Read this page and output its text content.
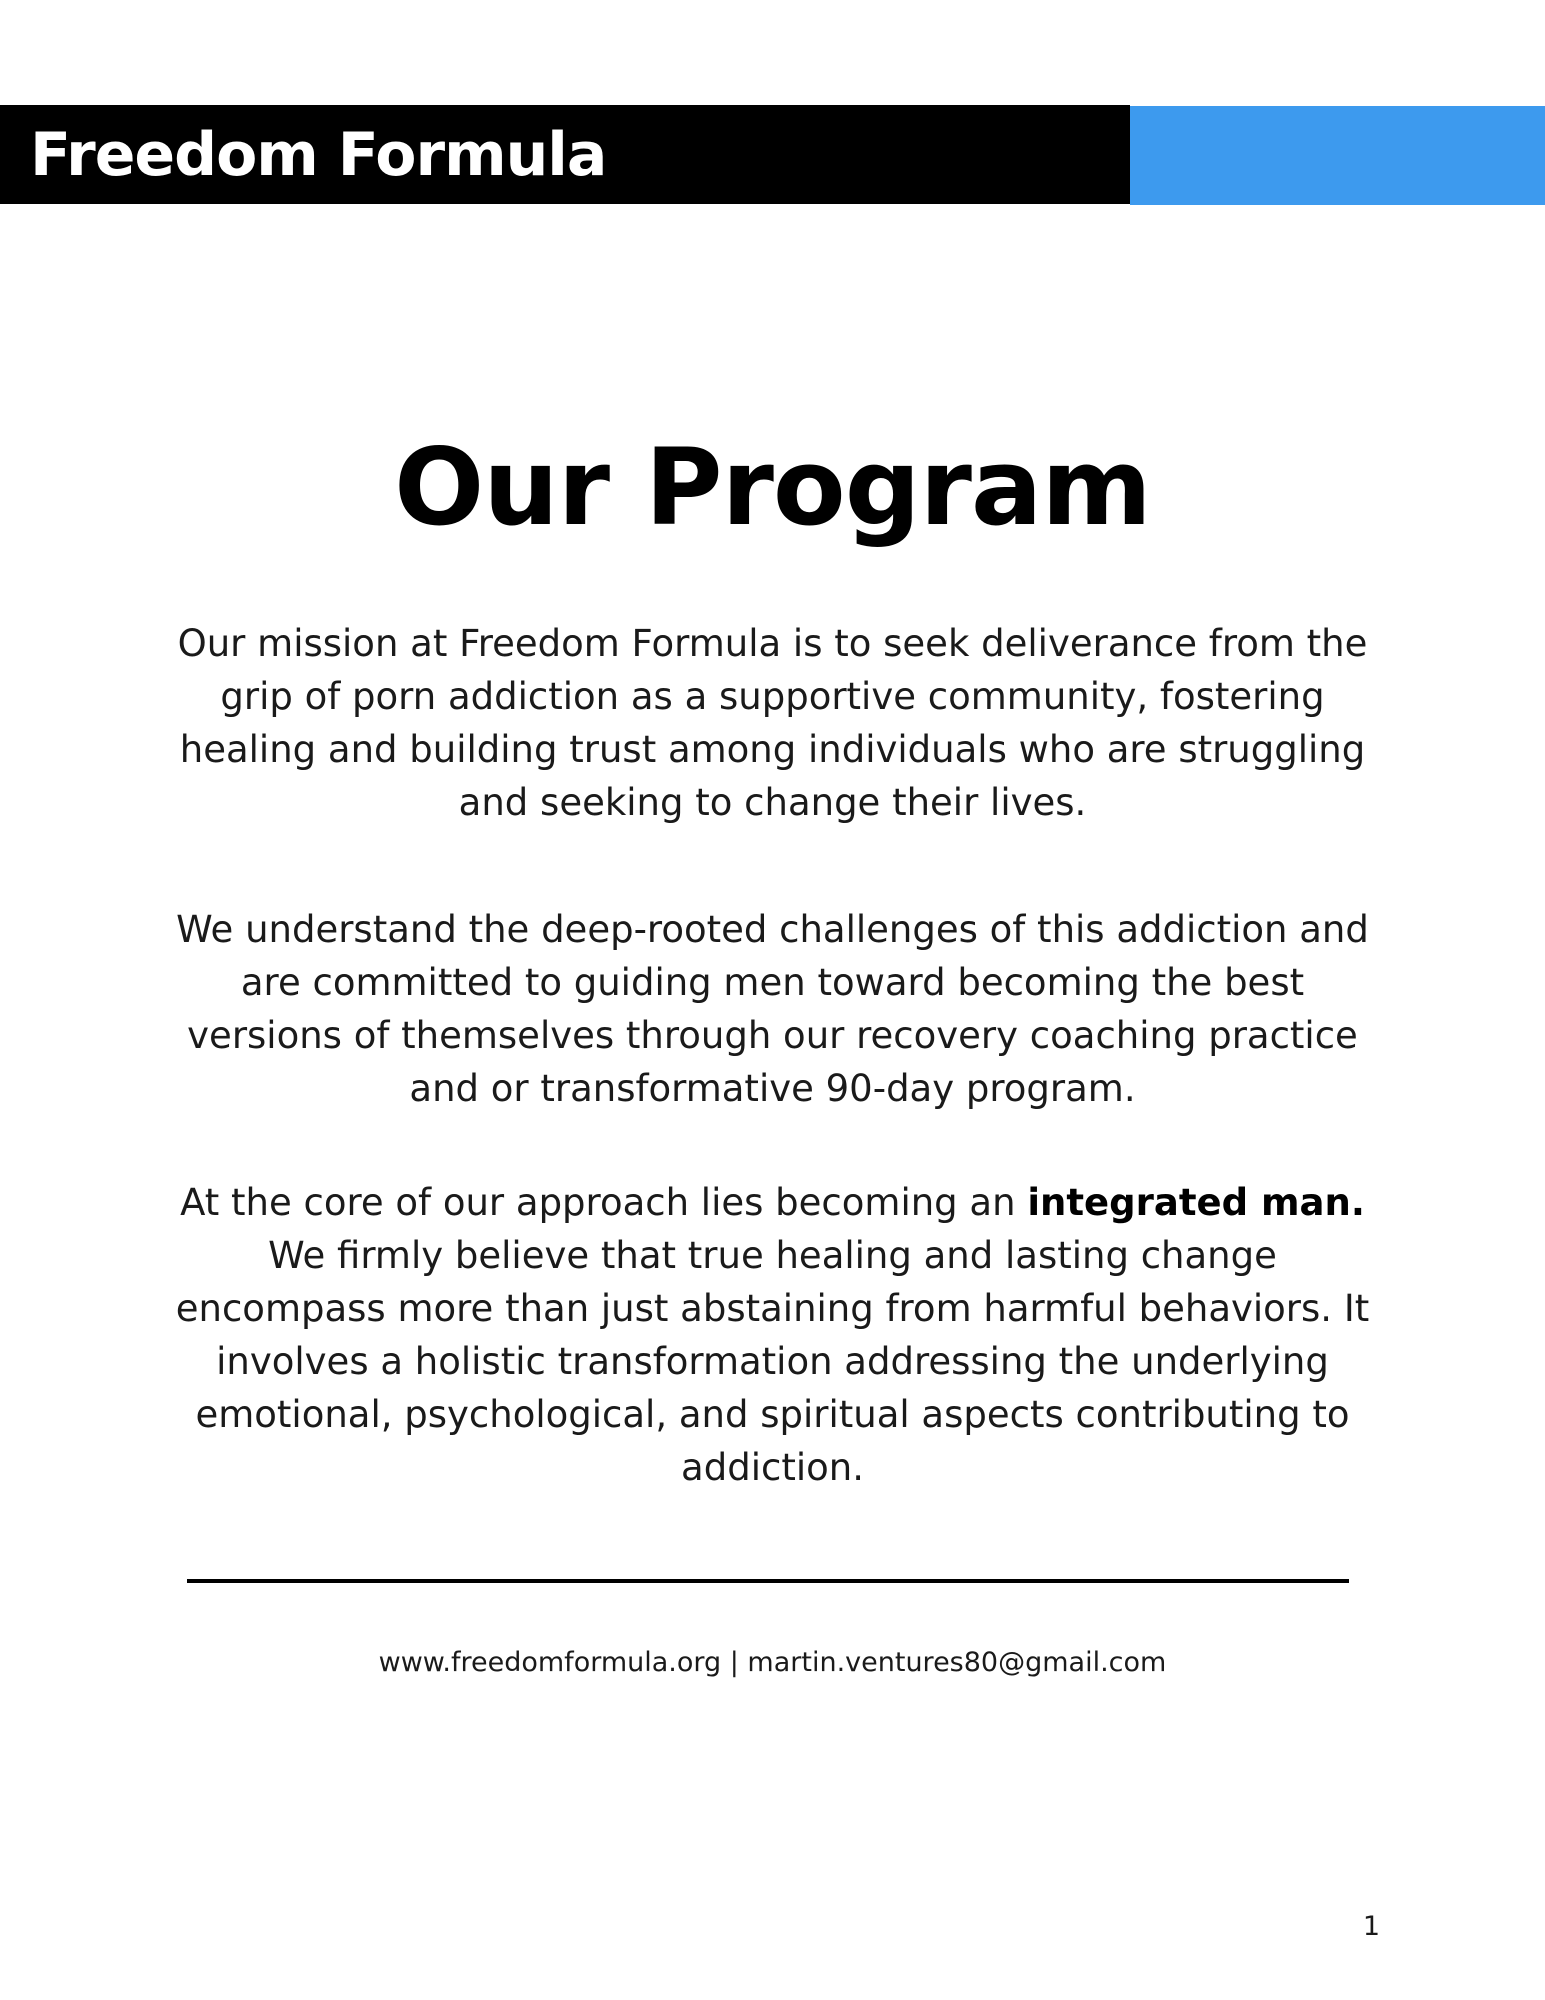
Freedom Formula
Our Program

Our mission at Freedom Formula is to seek deliverance from the grip of porn addiction as a supportive community, fostering healing and building trust among individuals who are struggling and seeking to change their lives.

We understand the deep-rooted challenges of this addiction and are committed to guiding men toward becoming the best versions of themselves through our recovery coaching practice and or transformative 90-day program.

At the core of our approach lies becoming an integrated man. We firmly believe that true healing and lasting change encompass more than just abstaining from harmful behaviors. It involves a holistic transformation addressing the underlying emotional, psychological, and spiritual aspects contributing to addiction.

www.freedomformula.org | martin.ventures80@gmail.com
1
